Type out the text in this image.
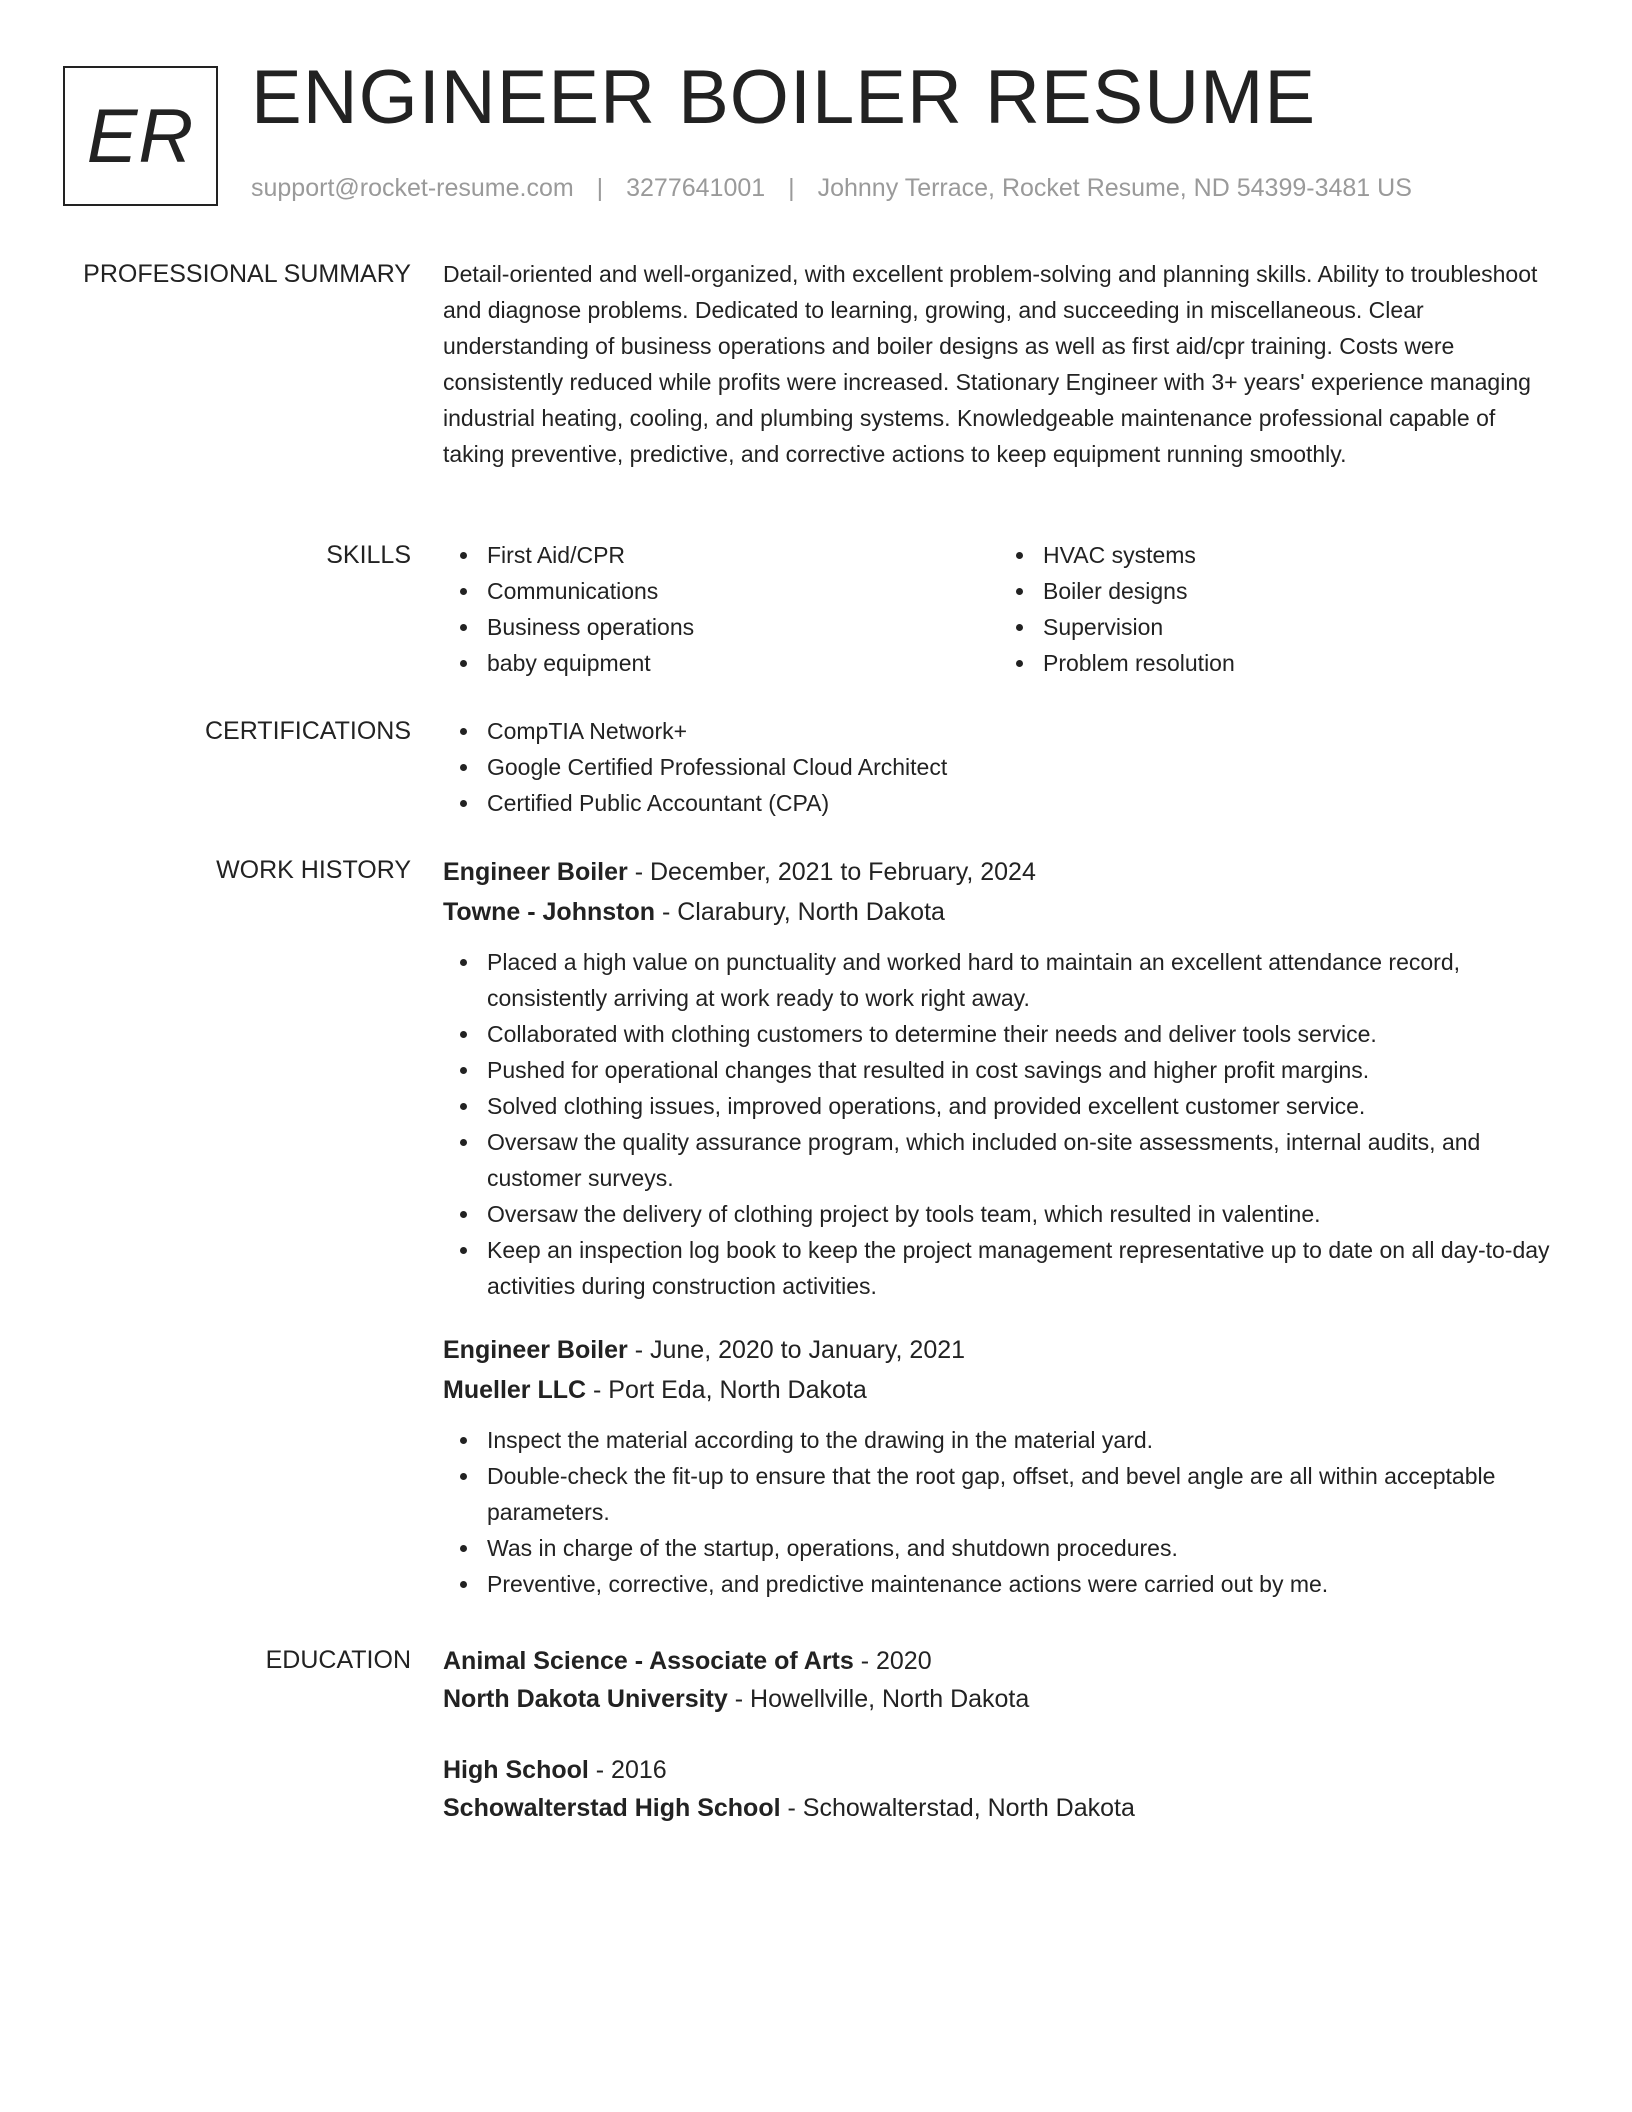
ER ENGINEER BOILER RESUME
support@rocket-resume.com | 3277641001 | Johnny Terrace, Rocket Resume, ND 54399-3481 US
PROFESSIONAL SUMMARY Detail-oriented and well-organized, with excellent problem-solving and planning skills. Ability to troubleshoot and diagnose problems. Dedicated to learning, growing, and succeeding in miscellaneous. Clear understanding of business operations and boiler designs as well as first aid/cpr training. Costs were consistently reduced while profits were increased. Stationary Engineer with 3+ years' experience managing industrial heating, cooling, and plumbing systems. Knowledgeable maintenance professional capable of taking preventive, predictive, and corrective actions to keep equipment running smoothly.

SKILLS	First Aid/CPR
Communications
Business operations
baby equipment
HVAC systems
Boiler designs
Supervision
Problem resolution
CERTIFICATIONS	CompTIA Network+
Google Certified Professional Cloud Architect
Certified Public Accountant (CPA)
WORK HISTORY Engineer Boiler - December, 2021 to February, 2024
Towne - Johnston - Clarabury, North Dakota
Placed a high value on punctuality and worked hard to maintain an excellent attendance record, consistently arriving at work ready to work right away.
Collaborated with clothing customers to determine their needs and deliver tools service.
Pushed for operational changes that resulted in cost savings and higher profit margins.
Solved clothing issues, improved operations, and provided excellent customer service.
Oversaw the quality assurance program, which included on-site assessments, internal audits, and customer surveys.
Oversaw the delivery of clothing project by tools team, which resulted in valentine.
Keep an inspection log book to keep the project management representative up to date on all day-to-day activities during construction activities.
Engineer Boiler - June, 2020 to January, 2021
Mueller LLC - Port Eda, North Dakota
Inspect the material according to the drawing in the material yard.
Double-check the fit-up to ensure that the root gap, offset, and bevel angle are all within acceptable parameters.
Was in charge of the startup, operations, and shutdown procedures.
Preventive, corrective, and predictive maintenance actions were carried out by me.
EDUCATION Animal Science - Associate of Arts - 2020
North Dakota University - Howellville, North Dakota
High School - 2016
Schowalterstad High School - Schowalterstad, North Dakota
